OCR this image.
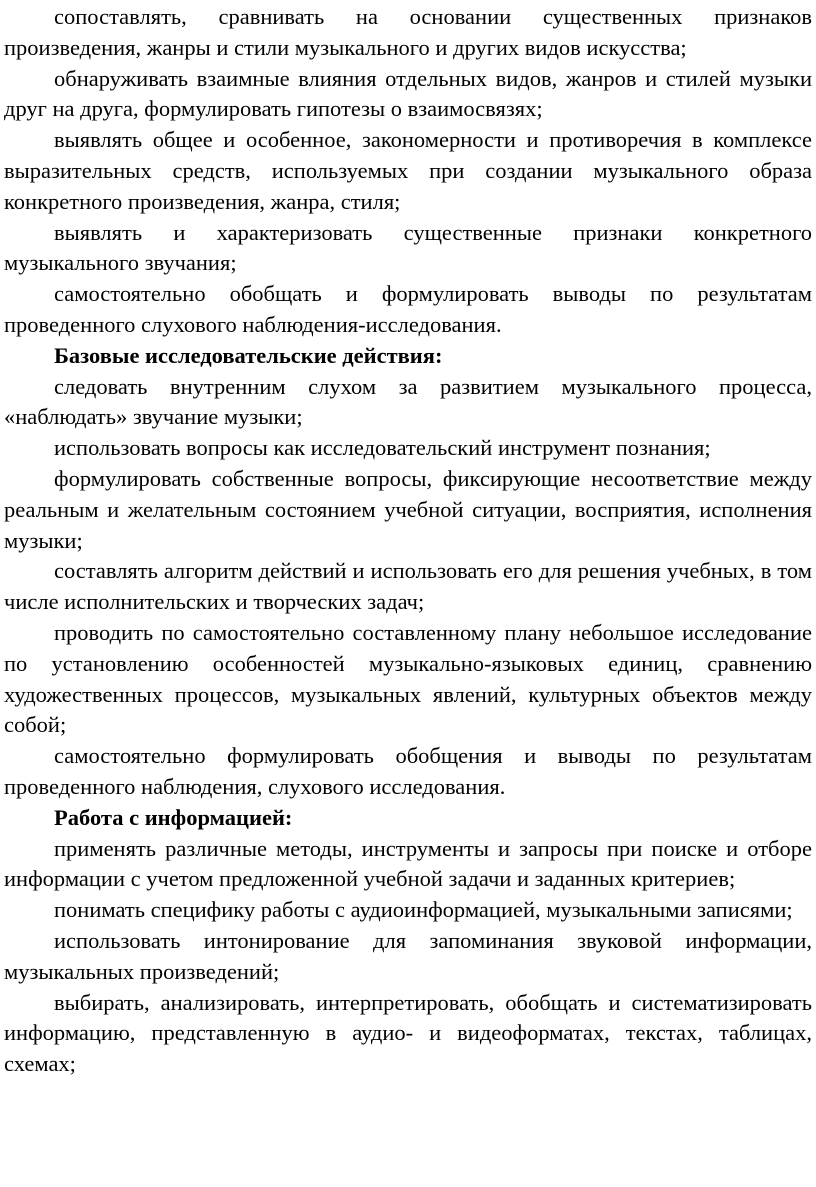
сопоставлять, сравнивать на основании существенных признаков произведения, жанры и стили музыкального и других видов искусства;

обнаруживать взаимные влияния отдельных видов, жанров и стилей музыки друг на друга, формулировать гипотезы о взаимосвязях;

выявлять общее и особенное, закономерности и противоречия в комплексе выразительных средств, используемых при создании музыкального образа конкретного произведения, жанра, стиля;

выявлять и характеризовать существенные признаки конкретного музыкального звучания;

самостоятельно обобщать и формулировать выводы по результатам проведенного слухового наблюдения-исследования.

Базовые исследовательские действия:

следовать внутренним слухом за развитием музыкального процесса, «наблюдать» звучание музыки;

использовать вопросы как исследовательский инструмент познания;

формулировать собственные вопросы, фиксирующие несоответствие между реальным и желательным состоянием учебной ситуации, восприятия, исполнения музыки;

составлять алгоритм действий и использовать его для решения учебных, в том числе исполнительских и творческих задач;

проводить по самостоятельно составленному плану небольшое исследование по установлению особенностей музыкально-языковых единиц, сравнению художественных процессов, музыкальных явлений, культурных объектов между собой;

самостоятельно формулировать обобщения и выводы по результатам проведенного наблюдения, слухового исследования.

Работа с информацией:

применять различные методы, инструменты и запросы при поиске и отборе информации с учетом предложенной учебной задачи и заданных критериев;

понимать специфику работы с аудиоинформацией, музыкальными записями;

использовать интонирование для запоминания звуковой информации, музыкальных произведений;

выбирать, анализировать, интерпретировать, обобщать и систематизировать информацию, представленную в аудио- и видеоформатах, текстах, таблицах, схемах;
